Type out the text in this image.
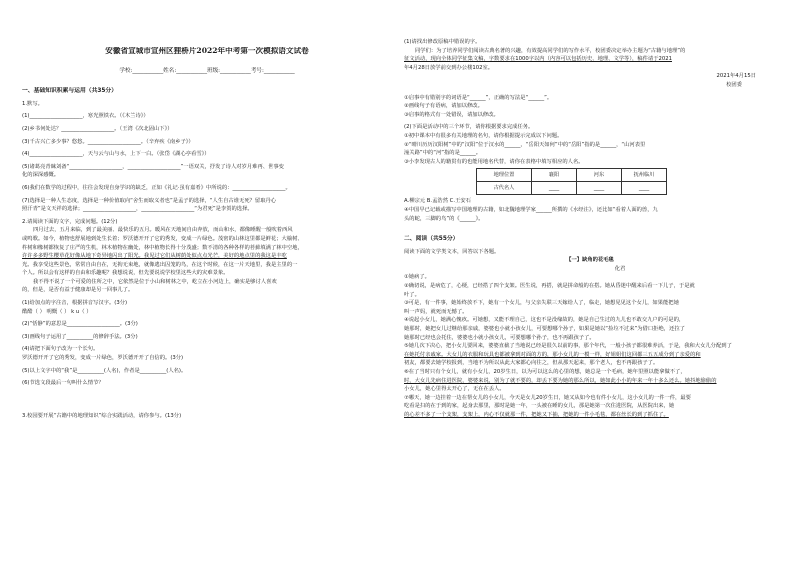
安徽省宣城市宣州区狸桥片2022年中考第一次模拟语文试卷

学校:___________姓名:___________班级:___________考号:___________

一、基础知识积累与运用（共35分）

1.默写。

(1)____________________，寒光照铁衣。（《木兰诗》）

(2)乡书何处达？____________________。（王湾《次北固山下》）

(3)千古兴亡多少事？悠悠。____________________。（辛弃疾《南乡子》）

(4)____________________，天与云与山与水，上下一白。（张岱《湖心亭看雪》）

(5)诸葛亮青睐刘备“____________________，____________________”一语双关，抒发了诗人对岁月难再、世事变

化的深深感慨。

(6)我们在数学的过程中，往往会发现自身学识的缺乏，正如《礼记·虽有嘉肴》中所说的：____________________。

(7)选择是一种人生态度，选择是一种价值取向“舍生而取义者也”是孟子的选择，“人生自古谁无死？留取丹心

照汗青”是文天祥的选择；____________________，____________________“为君死”是李贺的选择。

2.请阅读下面的文字，完成问题。(12分)

四月过去，五月来临，到了最美丽、最快乐的五月。暖风在天地间自由奔放，而山和水，都像睡醒一般吹着西风

或鸣歌。如今，植物也舒展地到处生长着；罗沃德开开了它的秀发，变成一片绿色。茂密的山林这里都是鲜花；大榆树、

杵树和橡树都恢复了庄严的生机，林木植物在幽处，林中植物长得十分茂盛；数不清的各种各样的苔藓填满了林中空地，

许许多多野生樱草花好像从地下奇异地闪出了阳光。我见过它们从树荫处似点点光芒，美好的地点里的我这是丰吃

光。我享受这些景色，常常自由自在，无拘无束地，就像逃出囚笼的鸟，在这个时候，在这一片天地里，我是主里的一

个人。所以会有这样的自由和乐趣呢？我想说说，但先要说说学校里这些大的灾难景象。

我不得不说了一个可爱的住所之中，它依然是位于小山和树林之中，屹立在小河边上，确实是够讨人喜欢

的，但是，是否有益于健康却是另一回事儿了。

(1)给加点的字注音，根据拼音写汉字。(3分)

酷酷（ ） 明慨（ ） k u（ ）

(2)“恬静”的意思是____________________。(3分)

(3)画线句子运用了__________的修辞手法。(3分)

(4)请把下面句子改为一个长句。

罗沃德开开了它的秀发，变成一片绿色，罗沃德开开了自信的。(3分)

(5)以上文字中的“我”是__________(人名)，作者是__________(人名)。

(6)节选文段最后一句叫什么情节？

3.校园要开展“古籍中的地理知识”综合实践活动，请你参与。(13分)

(1)请找出修改原稿中错误的字。

同学们：为了培养同学们阅读古典名著的兴趣，有效提高同学们的写作水平，校团委决定举办主题为“古籍与地理”的

征文活动，现向全体同学征集文稿，字数要求在1000字以内（内容可以包括历史、地理、文学等），稿件请于2021

年4月28日放学前交到办公楼102室。

2021年4月15日

校团委

①启事中有错别字的词语是“______”，正确的写法是“______”。

②画线句子有语病，请加以修改。

③启事的格式有一处错误，请加以修改。

(2)下面是活动中的三个环节，请你根据要求完成任务。

①初中课本中有很多有关地理的名句，请你根据提示完成以下问题。

②“晴川历历汉阳树”中的“汉阳”位于汉水的______，“岳阳天如何”中的“岳阳”指的是______，“山河表里

潼关路”中的“河”指的是______。

③小李发现古人的籍贯有的也能用地名代替，请你在表格中填写相应的人名。

地理位置	襄阳	河东	抚州临川
古代名人	____	____	____

A.柳宗元 B.孟浩然 C.王安石

④中国早已记载或描写中国地理的古籍，如北魏地理学家______所撰的《水经注》，还比如“看着人面的兽，九

头的蛇，三脚的鸟”的《______》。

二、阅读（共55分）

阅读下面的文学类文本，回答以下各题。

【一】缺角的花毛毯

化君

①她病了。

②确切说，是病危了，心梗，已经搭了四个支架。医生说，再搭，就是拼命般的在搭。她从昏迷中醒来后看一下儿子，于是就

叶了。

③可是，有一件事，她始终放不下，她有一个女儿，与父亲失联三天嫁给人了，临走，她想见见这个女儿，如果能把她

叫一声妈，就死而无憾了。

④说起小女儿，她满心愧疚。可她想，又能不理自己，这也不是没缘故的，她是自己生过的九儿也不敢交九户的可是的，

她那时，她把女儿过继给那亲戚，婆婆也小就小孩女儿，可要想哪个孙子，如果是她以“捡垃不过来”为借口拒绝，还拉了

她那时已经也会托住，婆婆也小就小孩女儿，可要想哪个孙子，也不再跟孩子了。

⑤她几次下决心，把小女儿要回来，婆婆直截了当地说已经是很久以前的事，那个年代，一般小孩子都很难养活，于是，我和大女儿分配到了

在她托付亲戚家。大女儿的衣服和玩具也都被拿到对面的方的，那小女儿的一模一样，好姐姐们这回都三五五成分到了亲爱的和

初友，都要去她学校报到，当地不为所以从此大家都心向往之，但从那天起来，那个老人，也不再跟孩子了。

⑥在了当时只有个女儿，就有小女儿，20岁生日，以为可以这么的心里的想，她总是一个毛病，她年里照以能拿做不了，

时，大女儿先病住进医院，婆婆来说，别为了就不要的，却丢下要为她的那么所以，她如此小小的年来一年十多么还么。她抖地偷偷的

小女儿，她心里得太开心了，无在在丢人。

⑦哪天，她一边挂着一边在帮女儿的小女儿，今天是女儿20岁生日，她又从如今也有件小女儿，这小女儿的一件一件，最要

吃看是扫的在于到的家，起身去那里，那时是她一年，一头被在睡的女儿，那是她第一次住进医院，从医院出来，她

的心差不多了一个支架，支架上，内心不仅就那一件，把她又下抽，把她的一件小毛毯，都在丝长的到了抓住了。
